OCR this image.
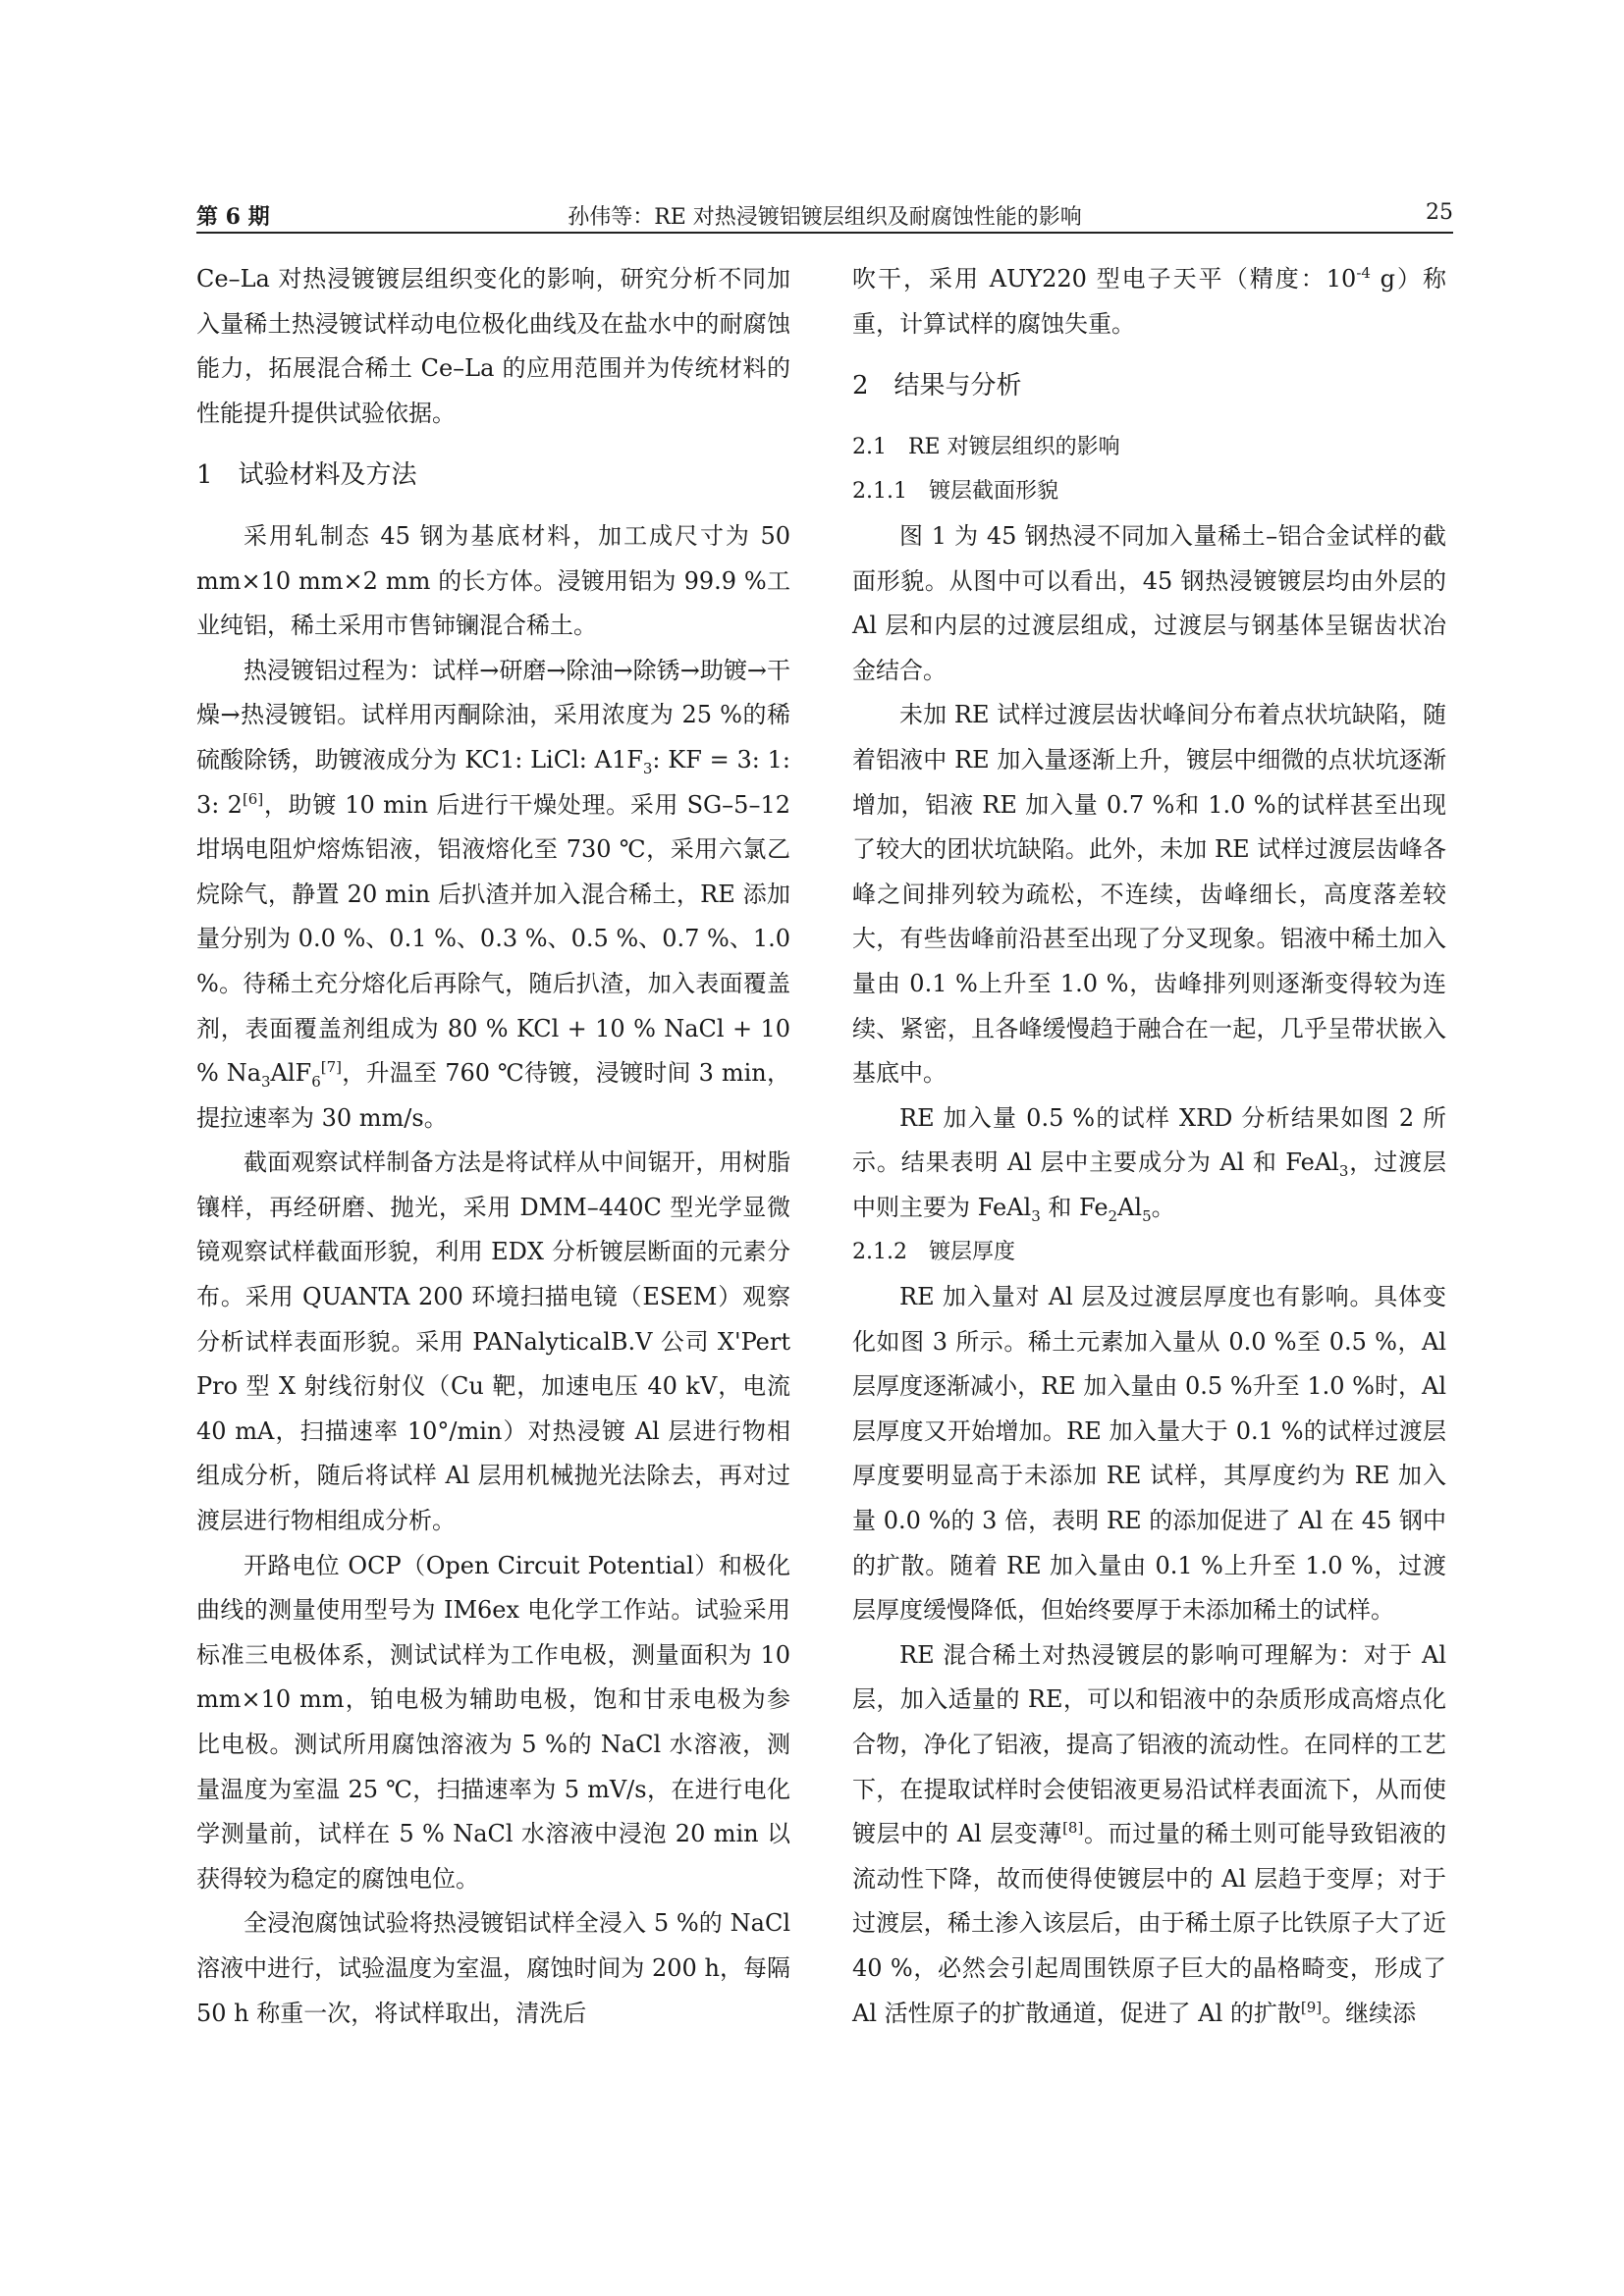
第 6 期	孙伟等：RE 对热浸镀铝镀层组织及耐腐蚀性能的影响	25

Ce–La 对热浸镀镀层组织变化的影响，研究分析不同加入量稀土热浸镀试样动电位极化曲线及在盐水中的耐腐蚀能力，拓展混合稀土 Ce–La 的应用范围并为传统材料的性能提升提供试验依据。

1　试验材料及方法

采用轧制态 45 钢为基底材料，加工成尺寸为 50 mm×10 mm×2 mm 的长方体。浸镀用铝为 99.9 %工业纯铝，稀土采用市售铈镧混合稀土。

热浸镀铝过程为：试样→研磨→除油→除锈→助镀→干燥→热浸镀铝。试样用丙酮除油，采用浓度为 25 %的稀硫酸除锈，助镀液成分为 KC1: LiCl: $A1F_3$: KF = 3: 1: 3: 2[6]，助镀 10 min 后进行干燥处理。采用 SG–5–12 坩埚电阻炉熔炼铝液，铝液熔化至 730 ℃，采用六氯乙烷除气，静置 20 min 后扒渣并加入混合稀土，RE 添加量分别为 0.0 %、0.1 %、0.3 %、0.5 %、0.7 %、1.0 %。待稀土充分熔化后再除气，随后扒渣，加入表面覆盖剂，表面覆盖剂组成为 80 % KCl + 10 % NaCl + 10 % $Na_3AlF_6[7]$，升温至 760 ℃待镀，浸镀时间 3 min，提拉速率为 30 mm/s。

截面观察试样制备方法是将试样从中间锯开，用树脂镶样，再经研磨、抛光，采用 DMM–440C 型光学显微镜观察试样截面形貌，利用 EDX 分析镀层断面的元素分布。采用 QUANTA 200 环境扫描电镜（ESEM）观察分析试样表面形貌。采用 PANalyticalB.V 公司 X'Pert Pro 型 X 射线衍射仪（Cu 靶，加速电压 40 kV，电流 40 mA，扫描速率 10°/min）对热浸镀 Al 层进行物相组成分析，随后将试样 Al 层用机械抛光法除去，再对过渡层进行物相组成分析。

开路电位 OCP（Open Circuit Potential）和极化曲线的测量使用型号为 IM6ex 电化学工作站。试验采用标准三电极体系，测试试样为工作电极，测量面积为 10 mm×10 mm，铂电极为辅助电极，饱和甘汞电极为参比电极。测试所用腐蚀溶液为 5 %的 NaCl 水溶液，测量温度为室温 25 ℃，扫描速率为 5 mV/s，在进行电化学测量前，试样在 5 % NaCl 水溶液中浸泡 20 min 以获得较为稳定的腐蚀电位。

全浸泡腐蚀试验将热浸镀铝试样全浸入 5 %的 NaCl 溶液中进行，试验温度为室温，腐蚀时间为 200 h，每隔 50 h 称重一次，将试样取出，清洗后

吹干，采用 AUY220 型电子天平（精度：$10^{-4}$ g）称重，计算试样的腐蚀失重。

2　结果与分析
2.1　RE 对镀层组织的影响
2.1.1　镀层截面形貌

图 1 为 45 钢热浸不同加入量稀土–铝合金试样的截面形貌。从图中可以看出，45 钢热浸镀镀层均由外层的 Al 层和内层的过渡层组成，过渡层与钢基体呈锯齿状冶金结合。

未加 RE 试样过渡层齿状峰间分布着点状坑缺陷，随着铝液中 RE 加入量逐渐上升，镀层中细微的点状坑逐渐增加，铝液 RE 加入量 0.7 %和 1.0 %的试样甚至出现了较大的团状坑缺陷。此外，未加 RE 试样过渡层齿峰各峰之间排列较为疏松，不连续，齿峰细长，高度落差较大，有些齿峰前沿甚至出现了分叉现象。铝液中稀土加入量由 0.1 %上升至 1.0 %，齿峰排列则逐渐变得较为连续、紧密，且各峰缓慢趋于融合在一起，几乎呈带状嵌入基底中。

RE 加入量 0.5 %的试样 XRD 分析结果如图 2 所示。结果表明 Al 层中主要成分为 Al 和 FeAl$_3$，过渡层中则主要为 FeAl$_3$ 和 $Fe_2Al_5$。

2.1.2　镀层厚度

RE 加入量对 Al 层及过渡层厚度也有影响。具体变化如图 3 所示。稀土元素加入量从 0.0 %至 0.5 %，Al 层厚度逐渐减小，RE 加入量由 0.5 %升至 1.0 %时，Al 层厚度又开始增加。RE 加入量大于 0.1 %的试样过渡层厚度要明显高于未添加 RE 试样，其厚度约为 RE 加入量 0.0 %的 3 倍，表明 RE 的添加促进了 Al 在 45 钢中的扩散。随着 RE 加入量由 0.1 %上升至 1.0 %，过渡层厚度缓慢降低，但始终要厚于未添加稀土的试样。

RE 混合稀土对热浸镀层的影响可理解为：对于 Al 层，加入适量的 RE，可以和铝液中的杂质形成高熔点化合物，净化了铝液，提高了铝液的流动性。在同样的工艺下，在提取试样时会使铝液更易沿试样表面流下，从而使镀层中的 Al 层变薄[8]。而过量的稀土则可能导致铝液的流动性下降，故而使得使镀层中的 Al 层趋于变厚；对于过渡层，稀土渗入该层后，由于稀土原子比铁原子大了近 40 %，必然会引起周围铁原子巨大的晶格畸变，形成了 Al 活性原子的扩散通道，促进了 Al 的扩散[9]。继续添
